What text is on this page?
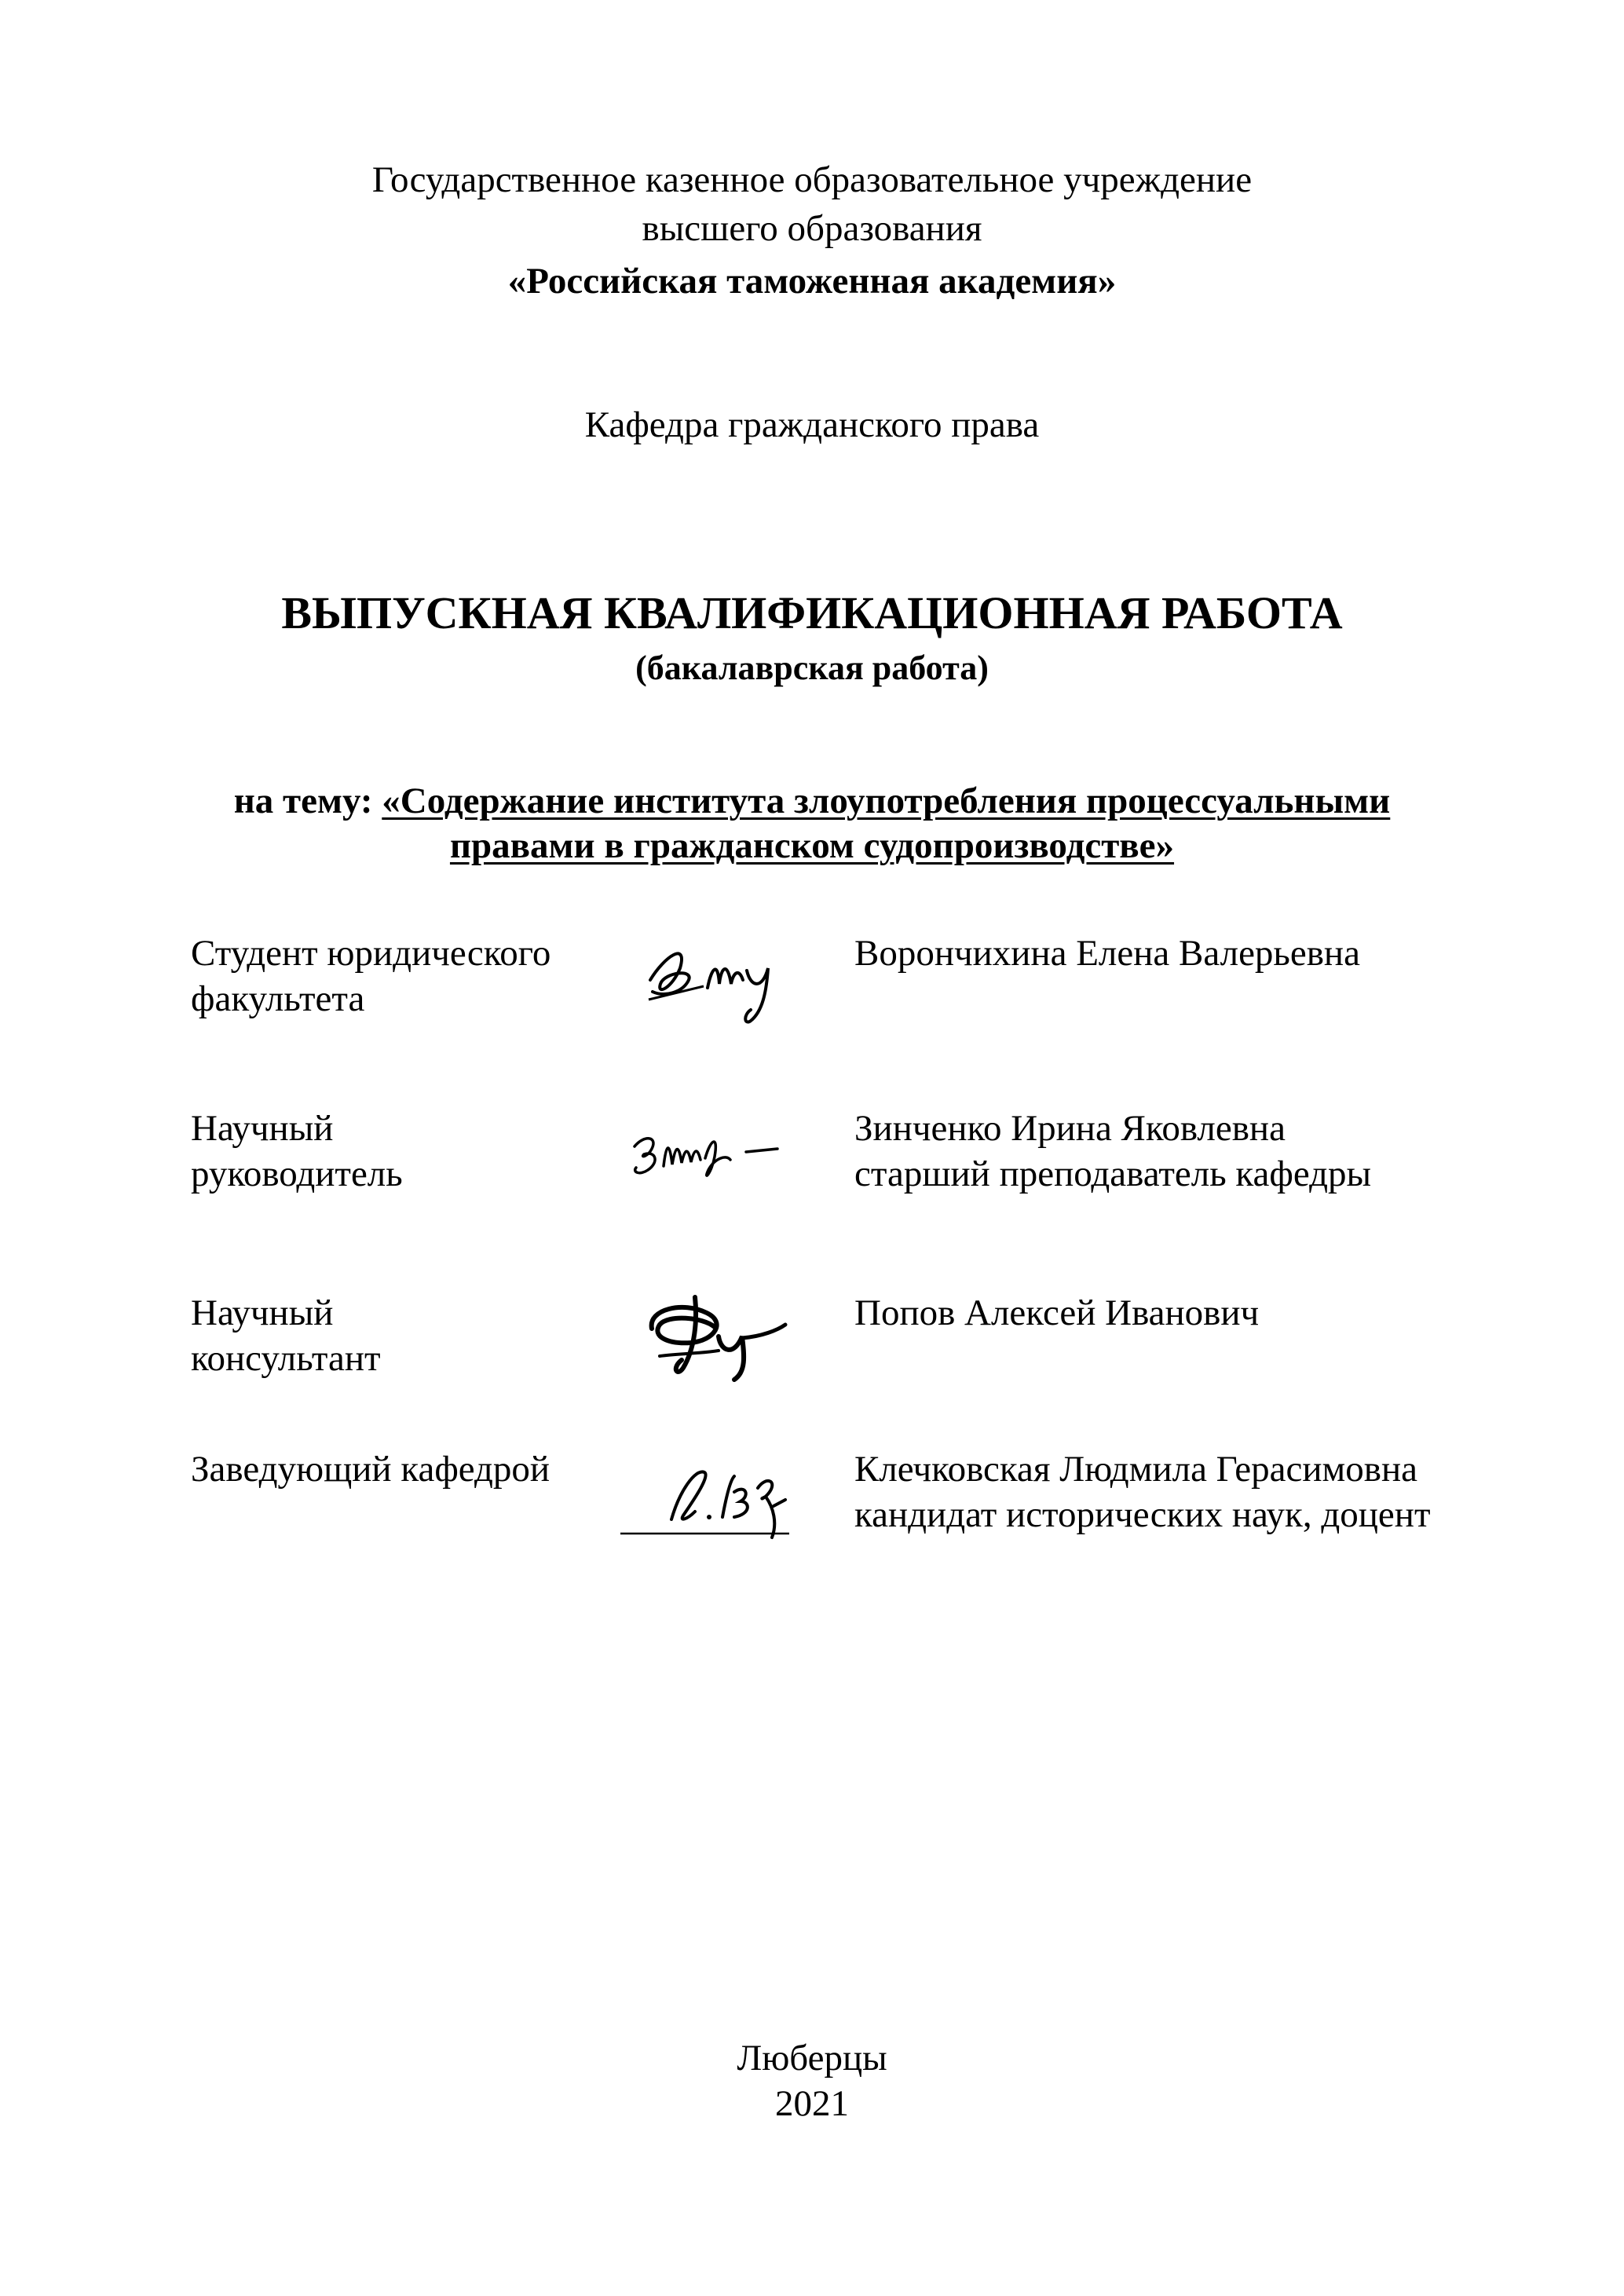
Государственное казенное образовательное учреждение
высшего образования
«Российская таможенная академия»
Кафедра гражданского права
ВЫПУСКНАЯ КВАЛИФИКАЦИОННАЯ РАБОТА
(бакалаврская работа)
на тему: «Содержание института злоупотребления процессуальными
правами в гражданском судопроизводстве»
Студент юридического
факультета
Ворончихина Елена Валерьевна
Научный
руководитель
Зинченко Ирина Яковлевна
старший преподаватель кафедры
Научный
консультант
Попов Алексей Иванович
Заведующий кафедрой	Клечковская Людмила Герасимовна
кандидат исторических наук, доцент
Люберцы
2021
